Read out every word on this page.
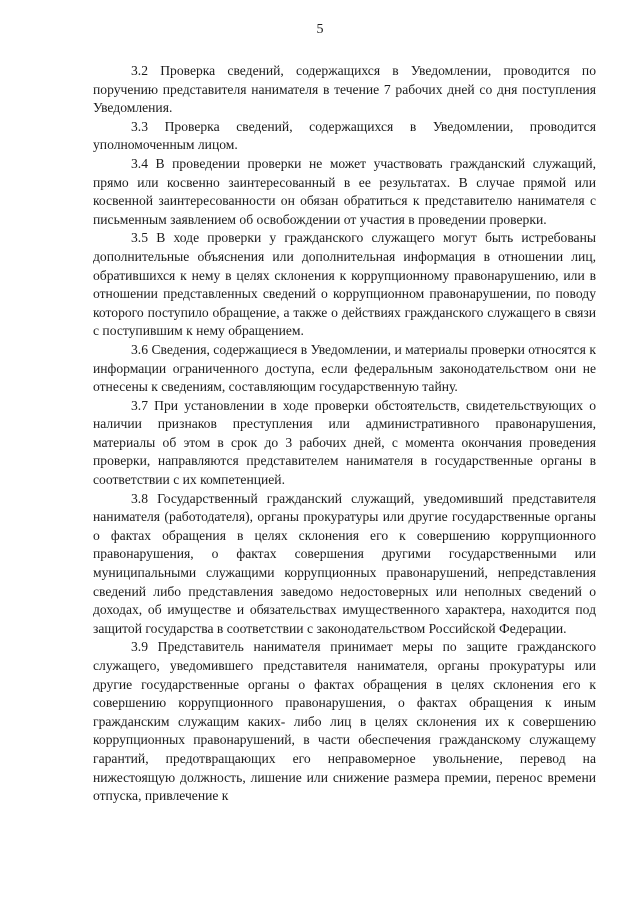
5

3.2 Проверка сведений, содержащихся в Уведомлении, проводится по поручению представителя нанимателя в течение 7 рабочих дней со дня поступления Уведомления.

3.3 Проверка сведений, содержащихся в Уведомлении, проводится уполномоченным лицом.

3.4 В проведении проверки не может участвовать гражданский служащий, прямо или косвенно заинтересованный в ее результатах. В случае прямой или косвенной заинтересованности он обязан обратиться к представителю нанимателя с письменным заявлением об освобождении от участия в проведении проверки.

3.5 В ходе проверки у гражданского служащего могут быть истребованы дополнительные объяснения или дополнительная информация в отношении лиц, обратившихся к нему в целях склонения к коррупционному правонарушению, или в отношении представленных сведений о коррупционном правонарушении, по поводу которого поступило обращение, а также о действиях гражданского служащего в связи с поступившим к нему обращением.

3.6 Сведения, содержащиеся в Уведомлении, и материалы проверки относятся к информации ограниченного доступа, если федеральным законодательством они не отнесены к сведениям, составляющим государственную тайну.

3.7 При установлении в ходе проверки обстоятельств, свидетельствующих о наличии признаков преступления или административного правонарушения, материалы об этом в срок до 3 рабочих дней, с момента окончания проведения проверки, направляются представителем нанимателя в государственные органы в соответствии с их компетенцией.

3.8 Государственный гражданский служащий, уведомивший представителя нанимателя (работодателя), органы прокуратуры или другие государственные органы о фактах обращения в целях склонения его к совершению коррупционного правонарушения, о фактах совершения другими государственными или муниципальными служащими коррупционных правонарушений, непредставления сведений либо представления заведомо недостоверных или неполных сведений о доходах, об имуществе и обязательствах имущественного характера, находится под защитой государства в соответствии с законодательством Российской Федерации.

3.9 Представитель нанимателя принимает меры по защите гражданского служащего, уведомившего представителя нанимателя, органы прокуратуры или другие государственные органы о фактах обращения в целях склонения его к совершению коррупционного правонарушения, о фактах обращения к иным гражданским служащим каких- либо лиц в целях склонения их к совершению коррупционных правонарушений, в части обеспечения гражданскому служащему гарантий, предотвращающих его неправомерное увольнение, перевод на нижестоящую должность, лишение или снижение размера премии, перенос времени отпуска, привлечение к
